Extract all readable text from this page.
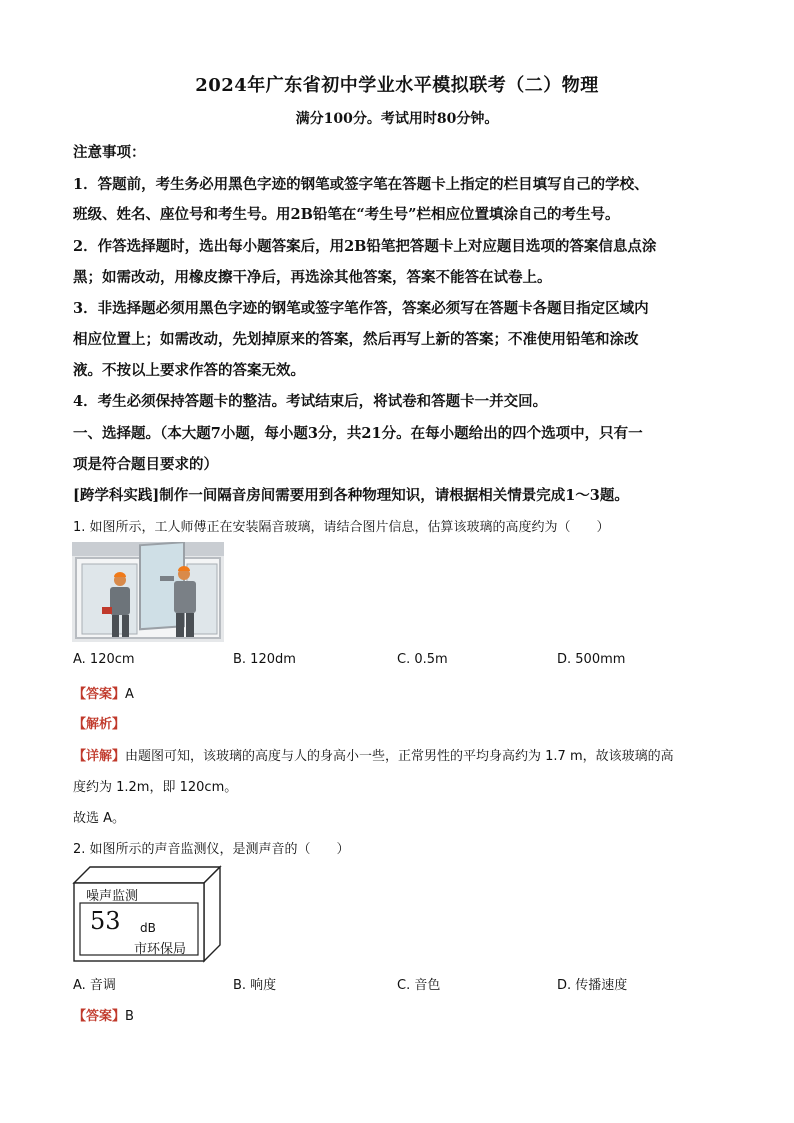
2024年广东省初中学业水平模拟联考（二）物理
满分100分。考试用时80分钟。
注意事项：
1．答题前，考生务必用黑色字迹的钢笔或签字笔在答题卡上指定的栏目填写自己的学校、
班级、姓名、座位号和考生号。用2B铅笔在“考生号”栏相应位置填涂自己的考生号。
2．作答选择题时，选出每小题答案后，用2B铅笔把答题卡上对应题目选项的答案信息点涂
黑；如需改动，用橡皮擦干净后，再选涂其他答案，答案不能答在试卷上。
3．非选择题必须用黑色字迹的钢笔或签字笔作答，答案必须写在答题卡各题目指定区域内
相应位置上；如需改动，先划掉原来的答案，然后再写上新的答案；不准使用铅笔和涂改
液。不按以上要求作答的答案无效。
4．考生必须保持答题卡的整洁。考试结束后，将试卷和答题卡一并交回。
一、选择题。（本大题7小题，每小题3分，共21分。在每小题给出的四个选项中，只有一
项是符合题目要求的）
[跨学科实践]制作一间隔音房间需要用到各种物理知识，请根据相关情景完成1～3题。
1. 如图所示，工人师傅正在安装隔音玻璃，请结合图片信息，估算该玻璃的高度约为（　　）
A. 120cm	B. 120dm	C. 0.5m	D. 500mm
【答案】A
【解析】
【详解】由题图可知，该玻璃的高度与人的身高小一些，正常男性的平均身高约为 1.7 m，故该玻璃的高
度约为 1.2m，即 120cm。
故选 A。
2. 如图所示的声音监测仪，是测声音的（　　）
噪声监测
53 dB
市环保局
A. 音调	B. 响度	C. 音色	D. 传播速度
【答案】B
